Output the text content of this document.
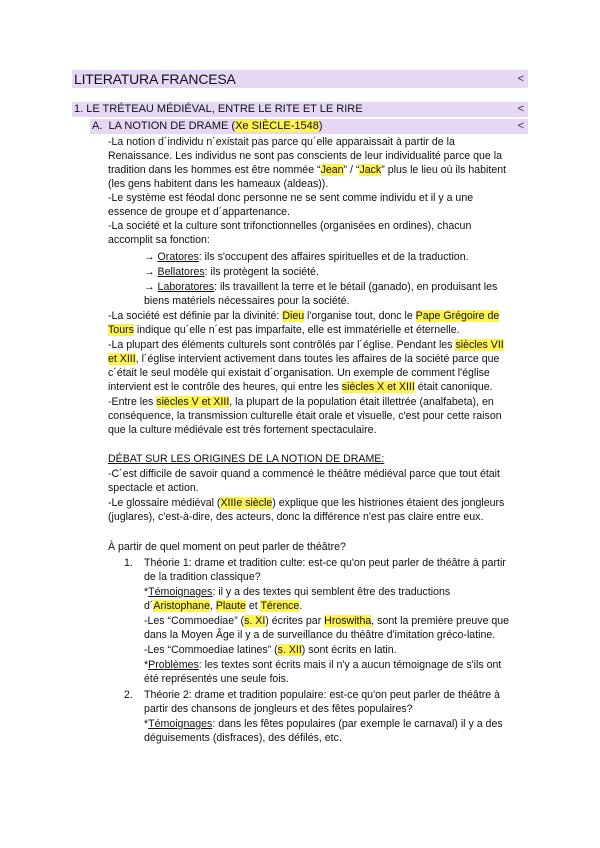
LITERATURA FRANCESA	<
1. LE TRÉTEAU MÉDIÉVAL, ENTRE LE RITE ET LE RIRE	<
A. LA NOTION DE DRAME (Xe SIÈCLE-1548)	<
-La notion d´individu n´existait pas parce qu´elle apparaissait à partir de la
Renaissance. Les individus ne sont pas conscients de leur individualité parce que la
tradition dans les hommes est être nommée “Jean” / “Jack” plus le lieu où ils habitent
(les gens habitent dans les hameaux (aldeas)).
-Le système est féodal donc personne ne se sent comme individu et il y a une
essence de groupe et d´appartenance.
-La société et la culture sont trifonctionnelles (organisées en ordines), chacun
accomplit sa fonction:
→ Oratores: ils s'occupent des affaires spirituelles et de la traduction.
→ Bellatores: ils protègent la société.
→ Laboratores: ils travaillent la terre et le bétail (ganado), en produisant les
biens matériels nécessaires pour la société.
-La société est définie par la divinité: Dieu l'organise tout, donc le Pape Grégoire de
Tours indique qu´elle n´est pas imparfaite, elle est immatérielle et éternelle.
-La plupart des éléments culturels sont contrôlés par l´église. Pendant les siècles VII
et XIII, l´église intervient activement dans toutes les affaires de la société parce que
c´était le seul modèle qui existait d´organisation. Un exemple de comment l'église
intervient est le contrôle des heures, qui entre les siècles X et XIII était canonique.
-Entre les siècles V et XIII, la plupart de la population était illettrée (analfabeta), en
conséquence, la transmission culturelle était orale et visuelle, c'est pour cette raison
que la culture médiévale est très fortement spectaculaire.
DÉBAT SUR LES ORIGINES DE LA NOTION DE DRAME:
-C´est difficile de savoir quand a commencé le théâtre médiéval parce que tout était
spectacle et action.
-Le glossaire médiéval (XIIIe siècle) explique que les histriones étaient des jongleurs
(juglares), c'est-à-dire, des acteurs, donc la différence n'est pas claire entre eux.
À partir de quel moment on peut parler de théâtre?
1. Théorie 1: drame et tradition culte: est-ce qu'on peut parler de théâtre à partir
de la tradition classique?
*Témoignages: il y a des textes qui semblent être des traductions
d´Aristophane, Plaute et Térence.
-Les “Commoediae” (s. XI) écrites par Hroswitha, sont la première preuve que
dans la Moyen Âge il y a de surveillance du théâtre d'imitation gréco-latine.
-Les “Commoediae latines” (s. XII) sont écrits en latin.
*Problèmes: les textes sont écrits mais il n'y a aucun témoignage de s'ils ont
été représentés une seule fois.
2. Théorie 2: drame et tradition populaire: est-ce qu'on peut parler de théâtre à
partir des chansons de jongleurs et des fêtes populaires?
*Témoignages: dans les fêtes populaires (par exemple le carnaval) il y a des
déguisements (disfraces), des défilés, etc.
